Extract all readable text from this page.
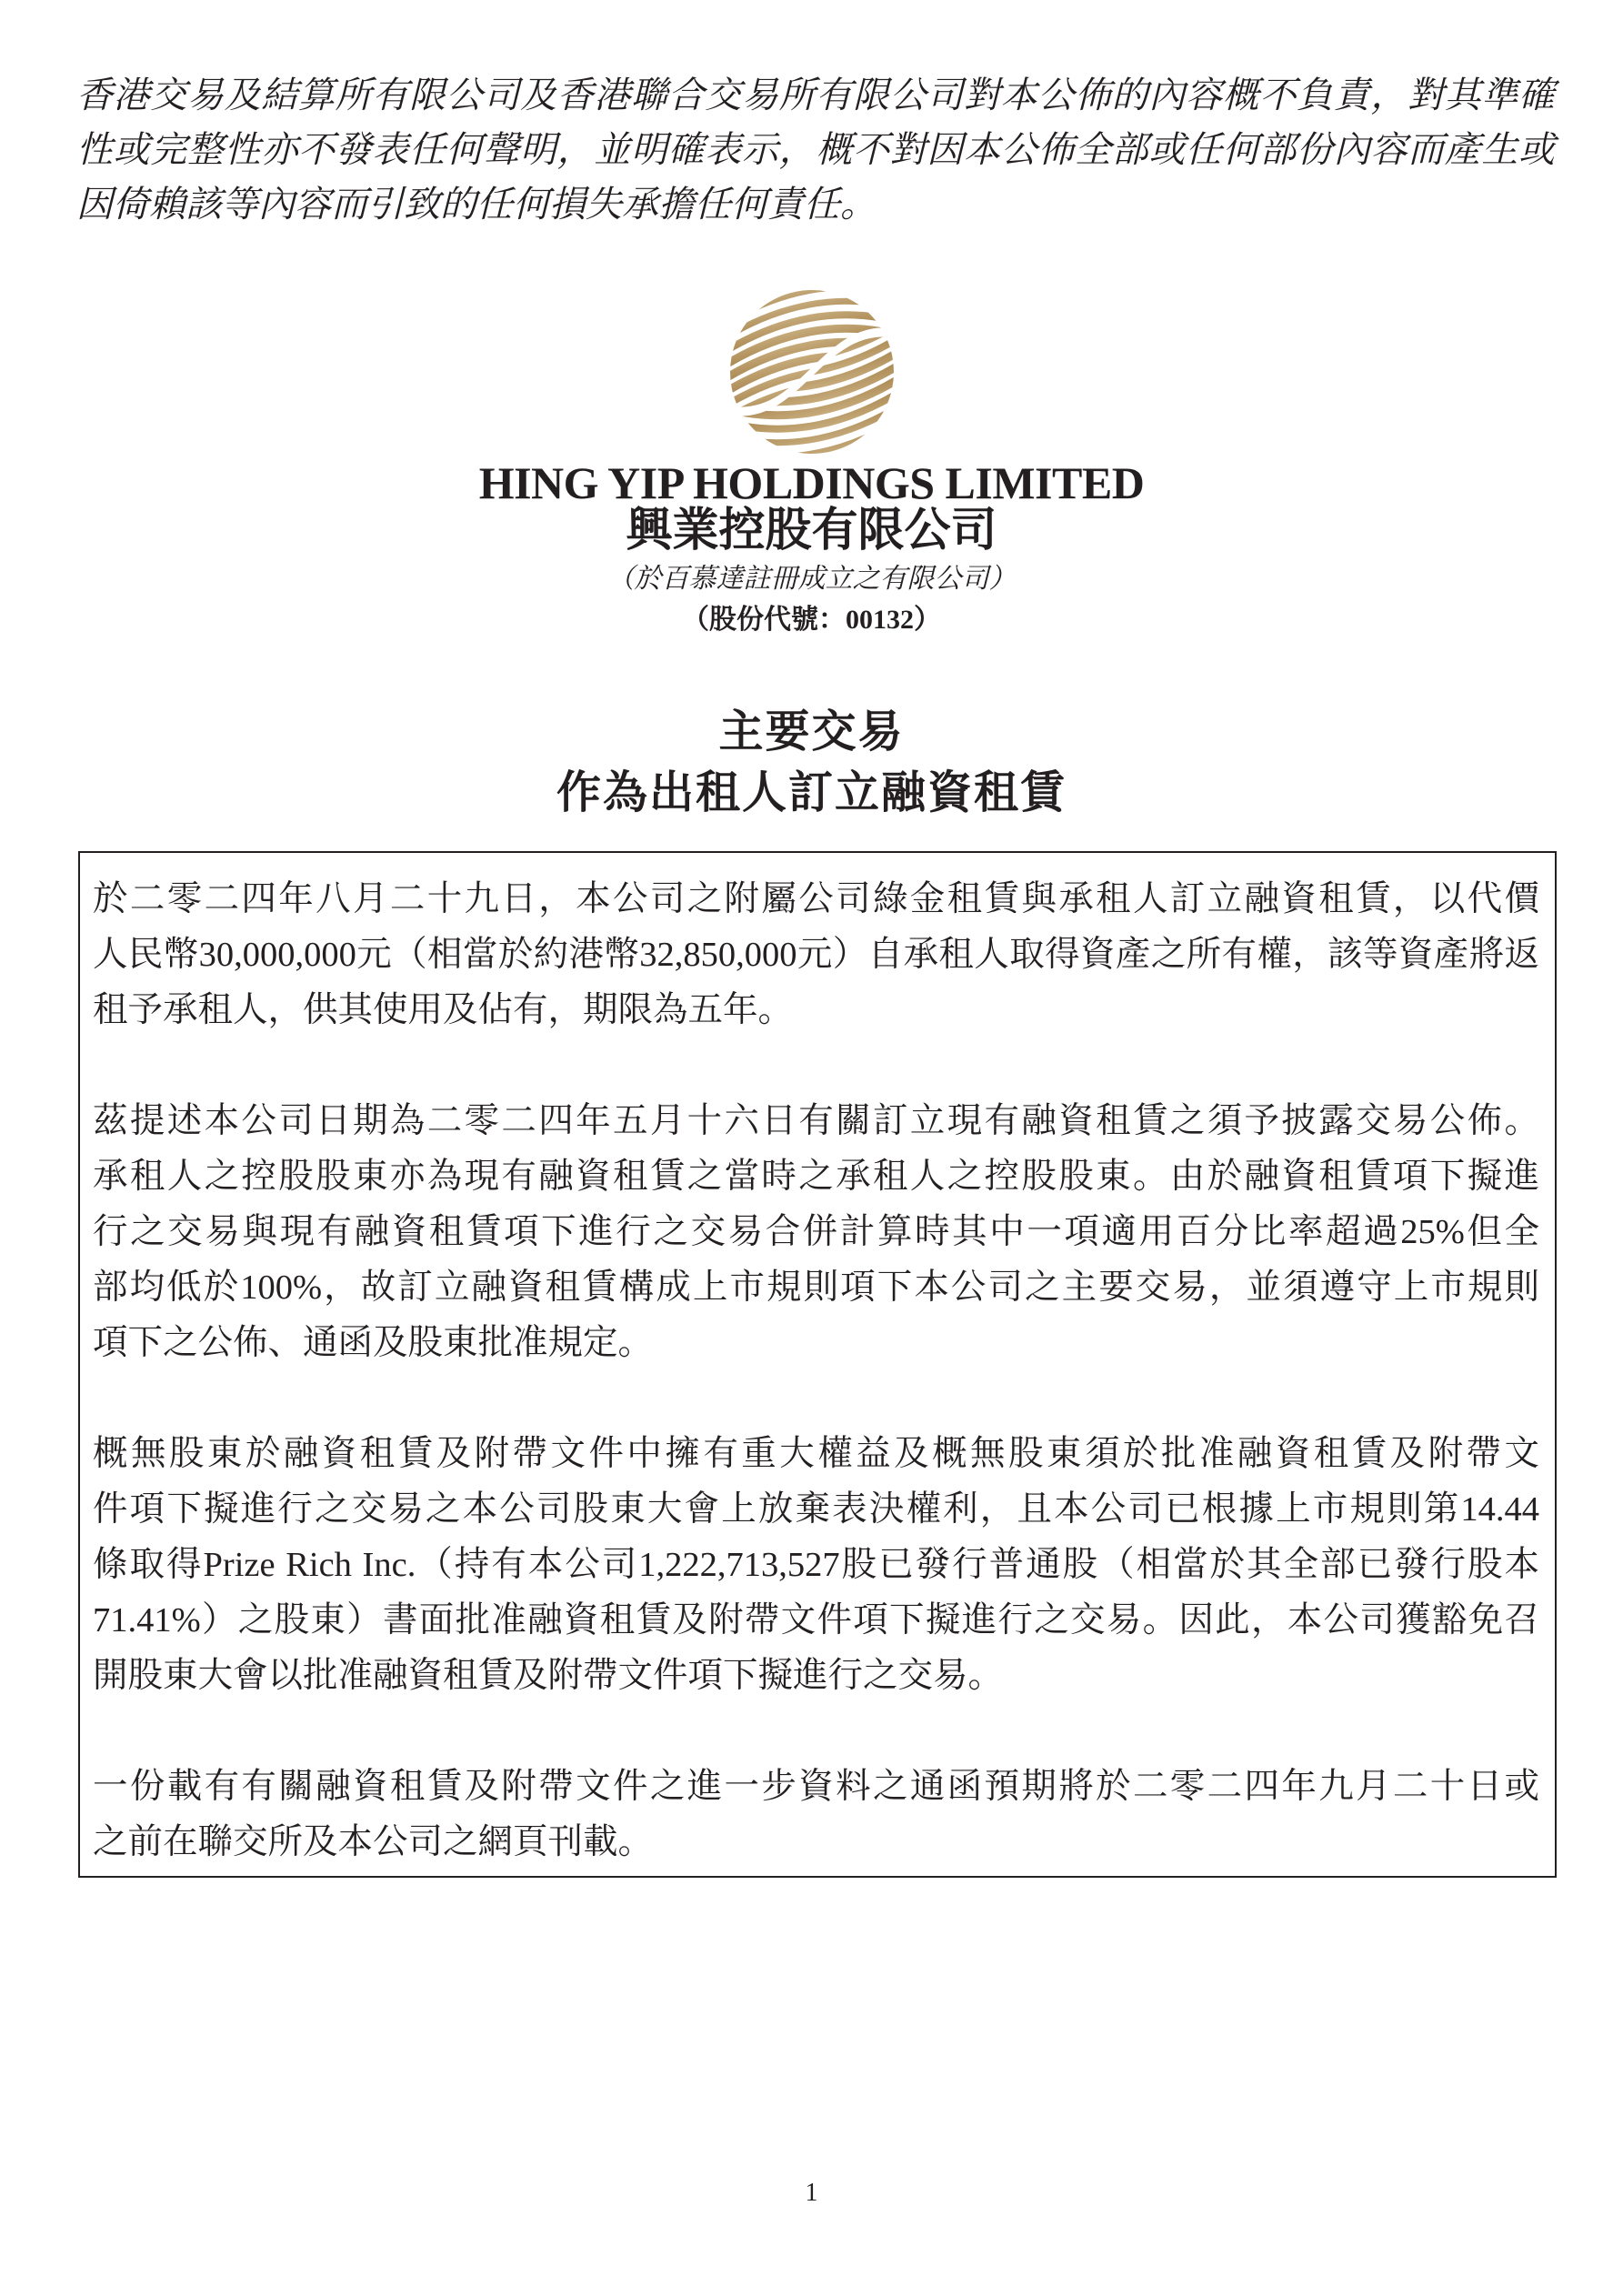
香港交易及結算所有限公司及香港聯合交易所有限公司對本公佈的內容概不負責，對其準確
性或完整性亦不發表任何聲明，並明確表示，概不對因本公佈全部或任何部份內容而產生或
因倚賴該等內容而引致的任何損失承擔任何責任。
HING YIP HOLDINGS LIMITED
興業控股有限公司
（於百慕達註冊成立之有限公司）
（股份代號：00132）
主要交易
作為出租人訂立融資租賃
於二零二四年八月二十九日，本公司之附屬公司綠金租賃與承租人訂立融資租賃，以代價
人民幣30,000,000元（相當於約港幣32,850,000元）自承租人取得資產之所有權，該等資產將返
租予承租人，供其使用及佔有，期限為五年。
茲提述本公司日期為二零二四年五月十六日有關訂立現有融資租賃之須予披露交易公佈。
承租人之控股股東亦為現有融資租賃之當時之承租人之控股股東。由於融資租賃項下擬進
行之交易與現有融資租賃項下進行之交易合併計算時其中一項適用百分比率超過25%但全
部均低於100%，故訂立融資租賃構成上市規則項下本公司之主要交易，並須遵守上市規則
項下之公佈、通函及股東批准規定。
概無股東於融資租賃及附帶文件中擁有重大權益及概無股東須於批准融資租賃及附帶文
件項下擬進行之交易之本公司股東大會上放棄表決權利，且本公司已根據上市規則第14.44
條取得Prize Rich Inc.（持有本公司1,222,713,527股已發行普通股（相當於其全部已發行股本
71.41%）之股東）書面批准融資租賃及附帶文件項下擬進行之交易。因此，本公司獲豁免召
開股東大會以批准融資租賃及附帶文件項下擬進行之交易。
一份載有有關融資租賃及附帶文件之進一步資料之通函預期將於二零二四年九月二十日或
之前在聯交所及本公司之網頁刊載。
1
